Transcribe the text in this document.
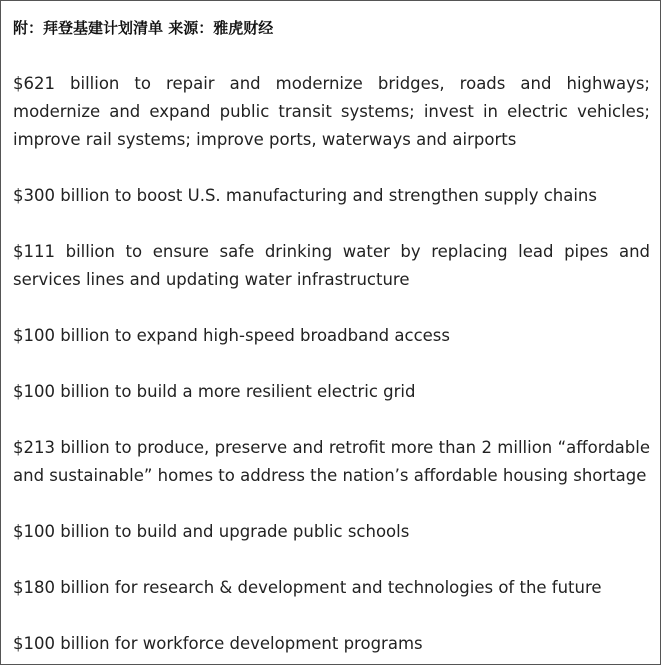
附：拜登基建计划清单 来源：雅虎财经
$621 billion to repair and modernize bridges, roads and highways; modernize and expand public transit systems; invest in electric vehicles; improve rail systems; improve ports, waterways and airports
$300 billion to boost U.S. manufacturing and strengthen supply chains
$111 billion to ensure safe drinking water by replacing lead pipes and services lines and updating water infrastructure
$100 billion to expand high-speed broadband access
$100 billion to build a more resilient electric grid
$213 billion to produce, preserve and retrofit more than 2 million “affordable and sustainable” homes to address the nation’s affordable housing shortage
$100 billion to build and upgrade public schools
$180 billion for research & development and technologies of the future
$100 billion for workforce development programs
